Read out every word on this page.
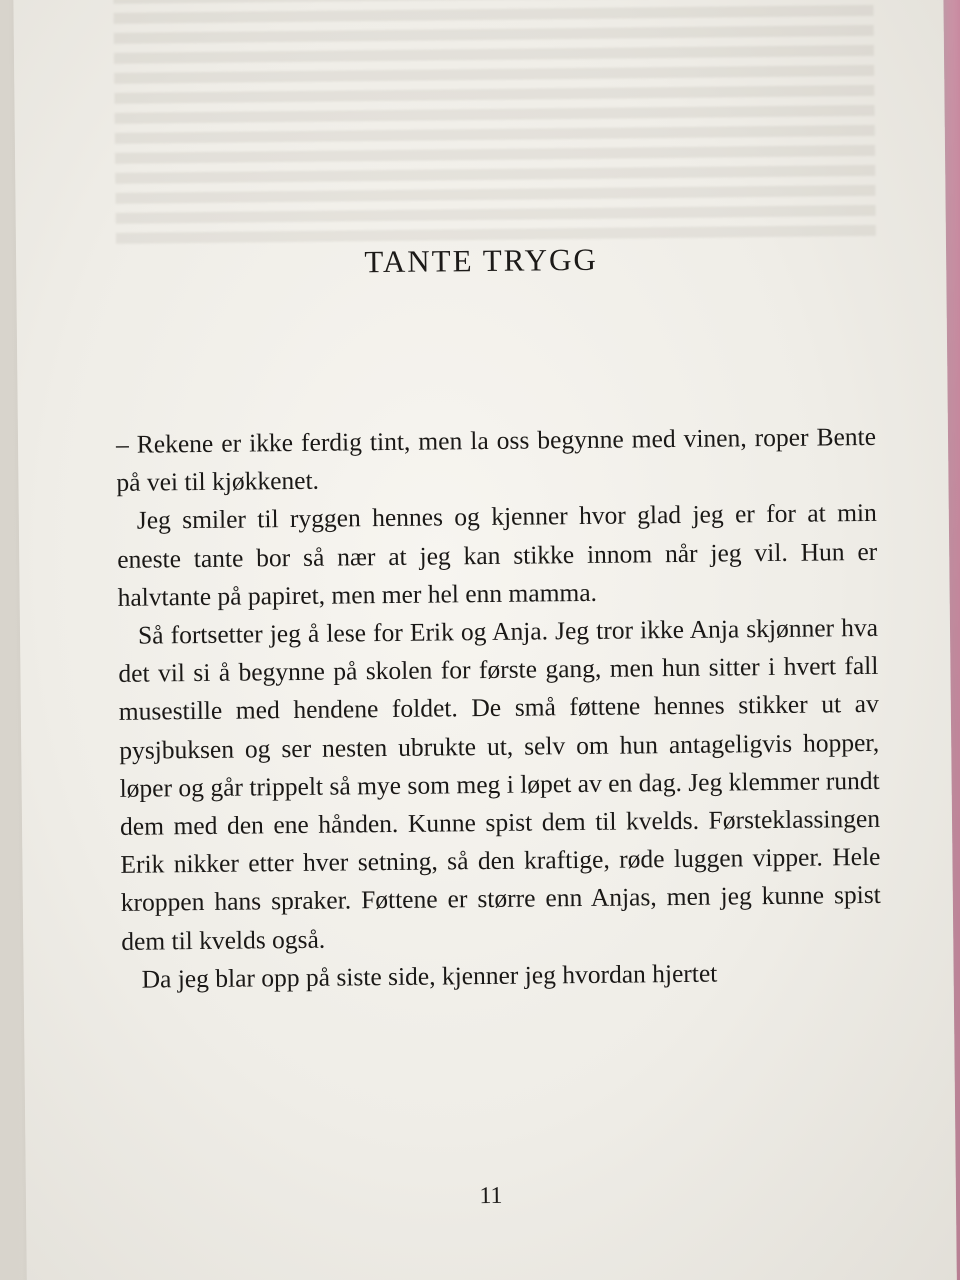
TANTE TRYGG

– Rekene er ikke ferdig tint, men la oss begynne med vinen, roper Bente på vei til kjøkkenet.

Jeg smiler til ryggen hennes og kjenner hvor glad jeg er for at min eneste tante bor så nær at jeg kan stikke innom når jeg vil. Hun er halvtante på papiret, men mer hel enn mamma.

Så fortsetter jeg å lese for Erik og Anja. Jeg tror ikke Anja skjønner hva det vil si å begynne på skolen for første gang, men hun sitter i hvert fall musestille med hendene foldet. De små føttene hennes stikker ut av pysjbuksen og ser nesten ubrukte ut, selv om hun antageligvis hopper, løper og går trippelt så mye som meg i løpet av en dag. Jeg klemmer rundt dem med den ene hånden. Kunne spist dem til kvelds. Førsteklassingen Erik nikker etter hver setning, så den kraftige, røde luggen vipper. Hele kroppen hans spraker. Føttene er større enn Anjas, men jeg kunne spist dem til kvelds også.

Da jeg blar opp på siste side, kjenner jeg hvordan hjertet

11
